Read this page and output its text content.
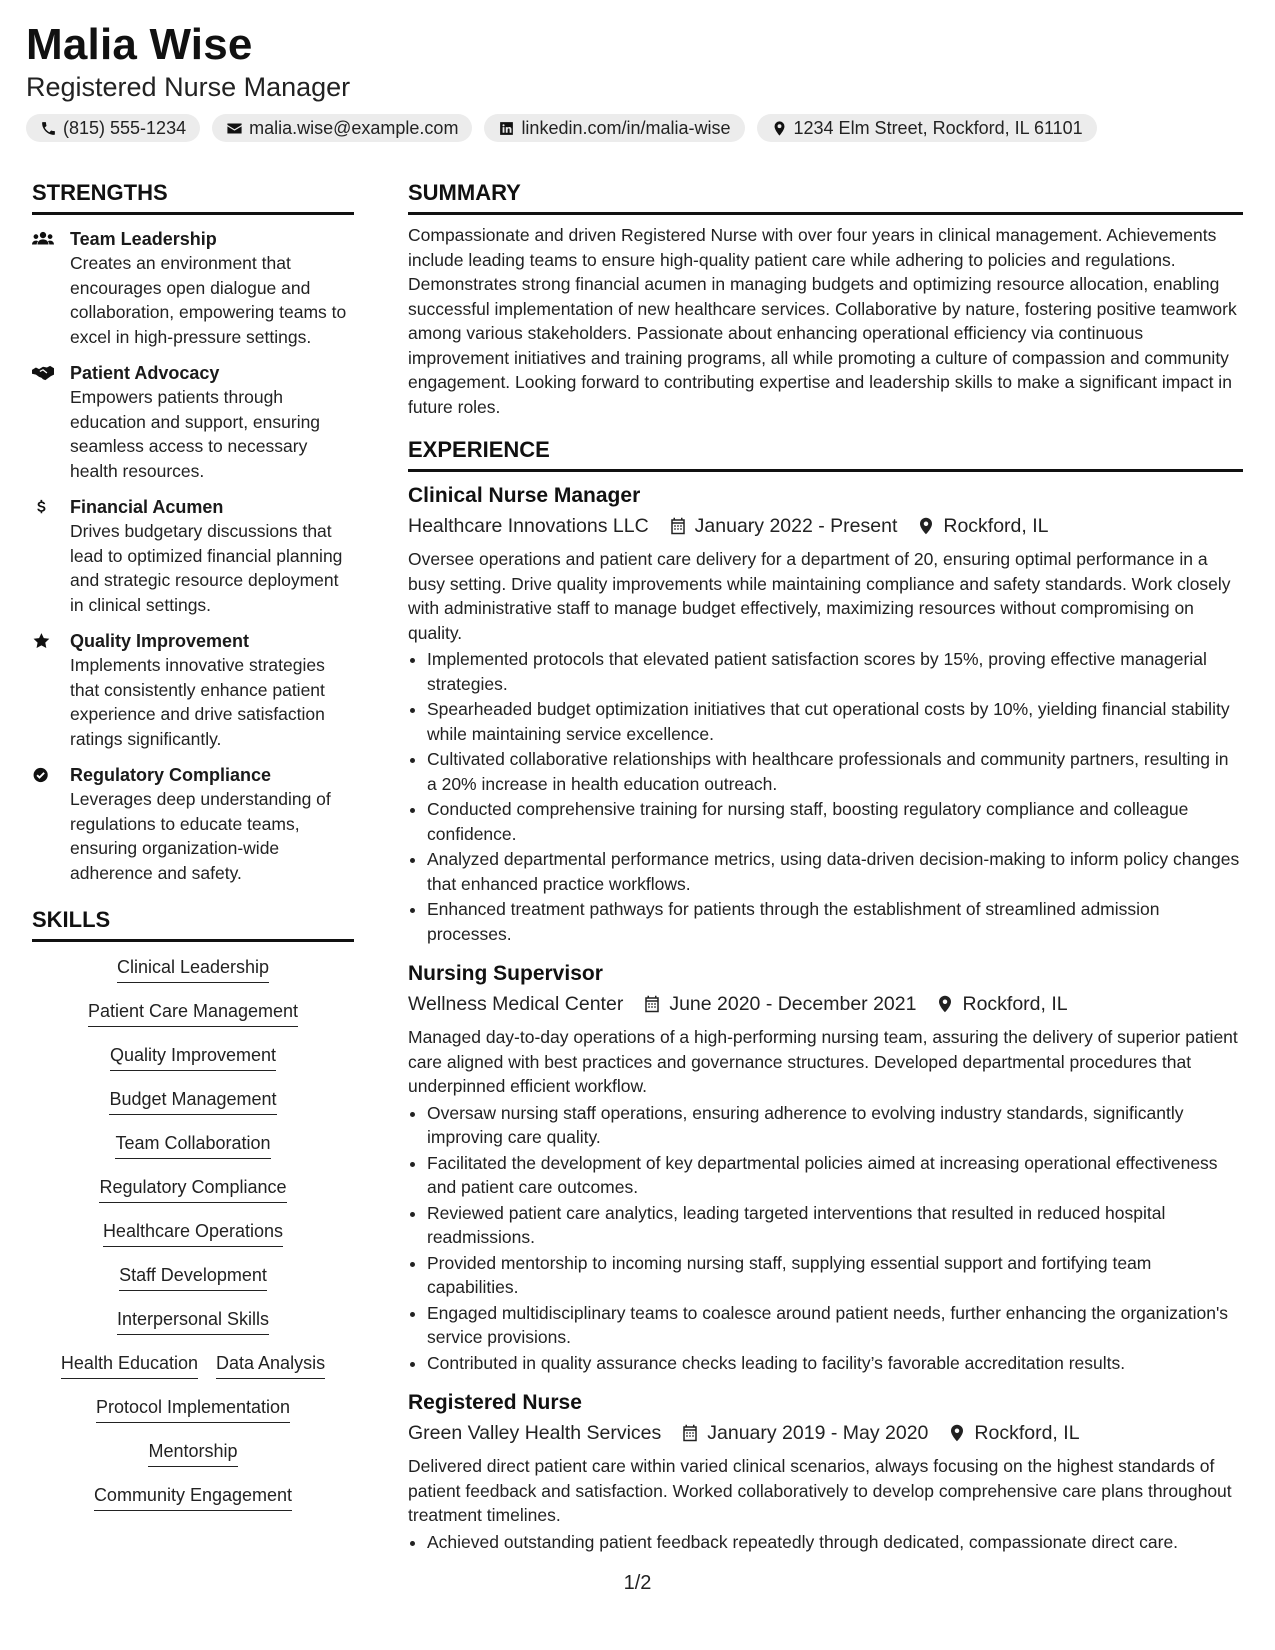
Malia Wise
Registered Nurse Manager
(815) 555-1234	malia.wise@example.com	linkedin.com/in/malia-wise	1234 Elm Street, Rockford, IL 61101
STRENGTHS
Team Leadership
Creates an environment that encourages open dialogue and collaboration, empowering teams to excel in high-pressure settings.
Patient Advocacy
Empowers patients through education and support, ensuring seamless access to necessary health resources.
Financial Acumen
Drives budgetary discussions that lead to optimized financial planning and strategic resource deployment in clinical settings.
Quality Improvement
Implements innovative strategies that consistently enhance patient experience and drive satisfaction ratings significantly.
Regulatory Compliance
Leverages deep understanding of regulations to educate teams, ensuring organization-wide adherence and safety.
SKILLS
Clinical Leadership
Patient Care Management
Quality Improvement
Budget Management
Team Collaboration
Regulatory Compliance
Healthcare Operations
Staff Development
Interpersonal Skills
Health Education Data Analysis
Protocol Implementation
Mentorship
Community Engagement
SUMMARY
Compassionate and driven Registered Nurse with over four years in clinical management. Achievements include leading teams to ensure high-quality patient care while adhering to policies and regulations. Demonstrates strong financial acumen in managing budgets and optimizing resource allocation, enabling successful implementation of new healthcare services. Collaborative by nature, fostering positive teamwork among various stakeholders. Passionate about enhancing operational efficiency via continuous improvement initiatives and training programs, all while promoting a culture of compassion and community engagement. Looking forward to contributing expertise and leadership skills to make a significant impact in future roles.
EXPERIENCE
Clinical Nurse Manager
Healthcare Innovations LLC January 2022 - Present Rockford, IL
Oversee operations and patient care delivery for a department of 20, ensuring optimal performance in a busy setting. Drive quality improvements while maintaining compliance and safety standards. Work closely with administrative staff to manage budget effectively, maximizing resources without compromising on quality.
• Implemented protocols that elevated patient satisfaction scores by 15%, proving effective managerial strategies.
• Spearheaded budget optimization initiatives that cut operational costs by 10%, yielding financial stability while maintaining service excellence.
• Cultivated collaborative relationships with healthcare professionals and community partners, resulting in a 20% increase in health education outreach.
• Conducted comprehensive training for nursing staff, boosting regulatory compliance and colleague confidence.
• Analyzed departmental performance metrics, using data-driven decision-making to inform policy changes that enhanced practice workflows.
• Enhanced treatment pathways for patients through the establishment of streamlined admission processes.
Nursing Supervisor
Wellness Medical Center June 2020 - December 2021 Rockford, IL
Managed day-to-day operations of a high-performing nursing team, assuring the delivery of superior patient care aligned with best practices and governance structures. Developed departmental procedures that underpinned efficient workflow.
• Oversaw nursing staff operations, ensuring adherence to evolving industry standards, significantly improving care quality.
• Facilitated the development of key departmental policies aimed at increasing operational effectiveness and patient care outcomes.
• Reviewed patient care analytics, leading targeted interventions that resulted in reduced hospital readmissions.
• Provided mentorship to incoming nursing staff, supplying essential support and fortifying team capabilities.
• Engaged multidisciplinary teams to coalesce around patient needs, further enhancing the organization's service provisions.
• Contributed in quality assurance checks leading to facility’s favorable accreditation results.
Registered Nurse
Green Valley Health Services January 2019 - May 2020 Rockford, IL
Delivered direct patient care within varied clinical scenarios, always focusing on the highest standards of patient feedback and satisfaction. Worked collaboratively to develop comprehensive care plans throughout treatment timelines.
• Achieved outstanding patient feedback repeatedly through dedicated, compassionate direct care.
1/2
